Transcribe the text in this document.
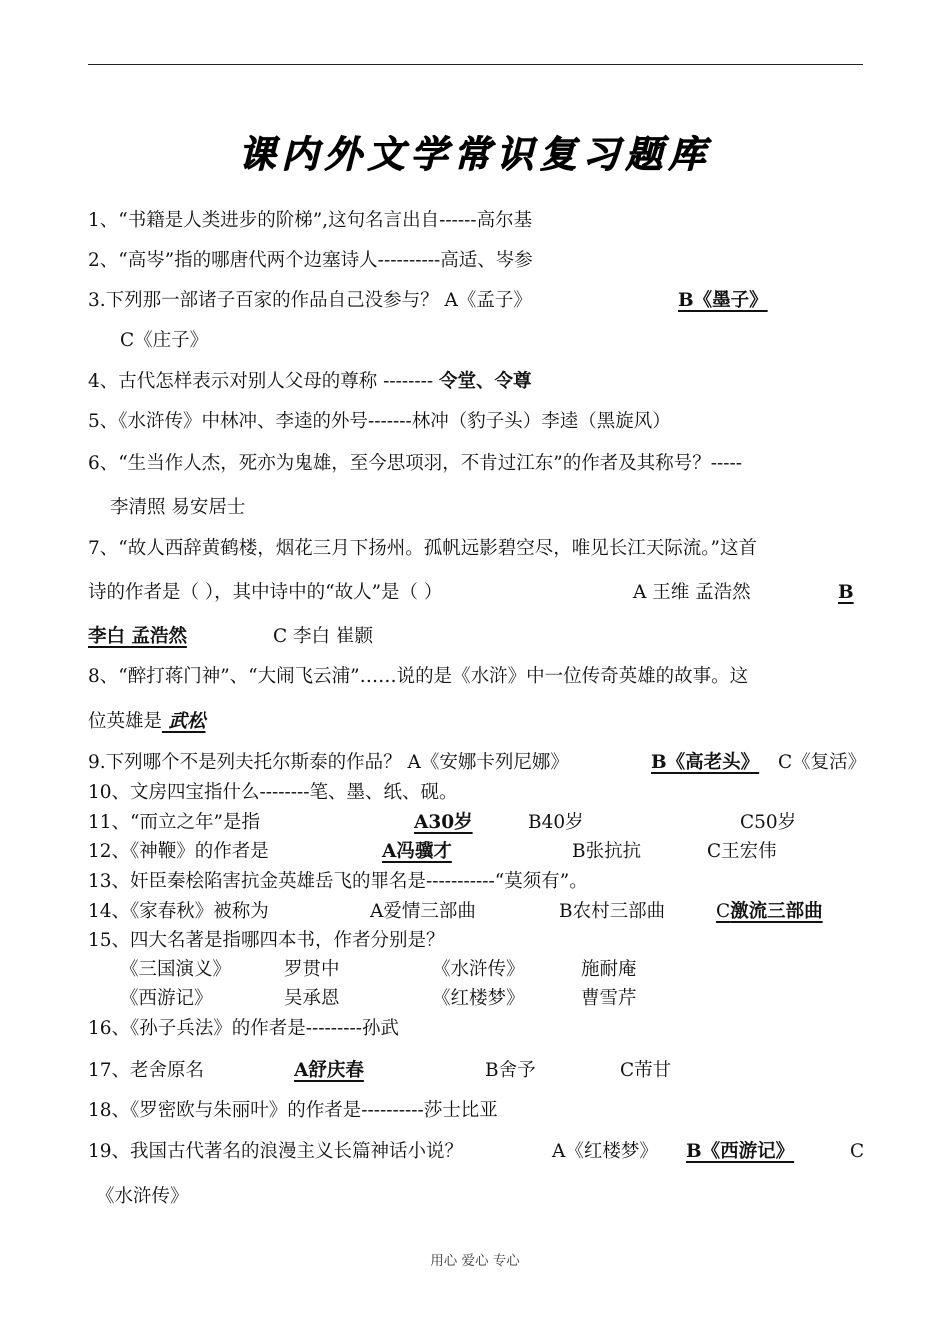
课内外文学常识复习题库
1、“书籍是人类进步的阶梯”,这句名言出自------高尔基
2、“高岑”指的哪唐代两个边塞诗人----------高适、岑参
3.下列那一部诸子百家的作品自己没参与？ A《孟子》	B《墨子》
C《庄子》
4、古代怎样表示对别人父母的尊称 -------- 令堂、令尊
5、《水浒传》中林冲、李逵的外号-------林冲（豹子头）李逵（黑旋风）
6、“生当作人杰，死亦为鬼雄，至今思项羽，不肯过江东”的作者及其称号？-----
李清照 易安居士
7、“故人西辞黄鹤楼，烟花三月下扬州。孤帆远影碧空尽，唯见长江天际流。”这首
诗的作者是（ ），其中诗中的“故人”是（ ）	A 王维 孟浩然	B
李白 孟浩然	C 李白 崔颢
8、“醉打蒋门神”、“大闹飞云浦”……说的是《水浒》中一位传奇英雄的故事。这
位英雄是 武松
9.下列哪个不是列夫托尔斯泰的作品？ A《安娜卡列尼娜》	B《高老头》 C《复活》
10、文房四宝指什么--------笔、墨、纸、砚。
11、“而立之年”是指	A30岁	B40岁	C50岁
12、《神鞭》的作者是	A冯骥才	B张抗抗	C王宏伟
13、奸臣秦桧陷害抗金英雄岳飞的罪名是-----------“莫须有”。
14、《家春秋》被称为	A爱情三部曲	B农村三部曲	C激流三部曲
15、四大名著是指哪四本书，作者分别是？
《三国演义》	罗贯中	《水浒传》	施耐庵
《西游记》	吴承恩	《红楼梦》	曹雪芹
16、《孙子兵法》的作者是---------孙武
17、老舍原名	A舒庆春	B舍予	C芾甘
18、《罗密欧与朱丽叶》的作者是----------莎士比亚
19、我国古代著名的浪漫主义长篇神话小说？	A《红楼梦》 B《西游记》	C
《水浒传》
用心 爱心 专心
